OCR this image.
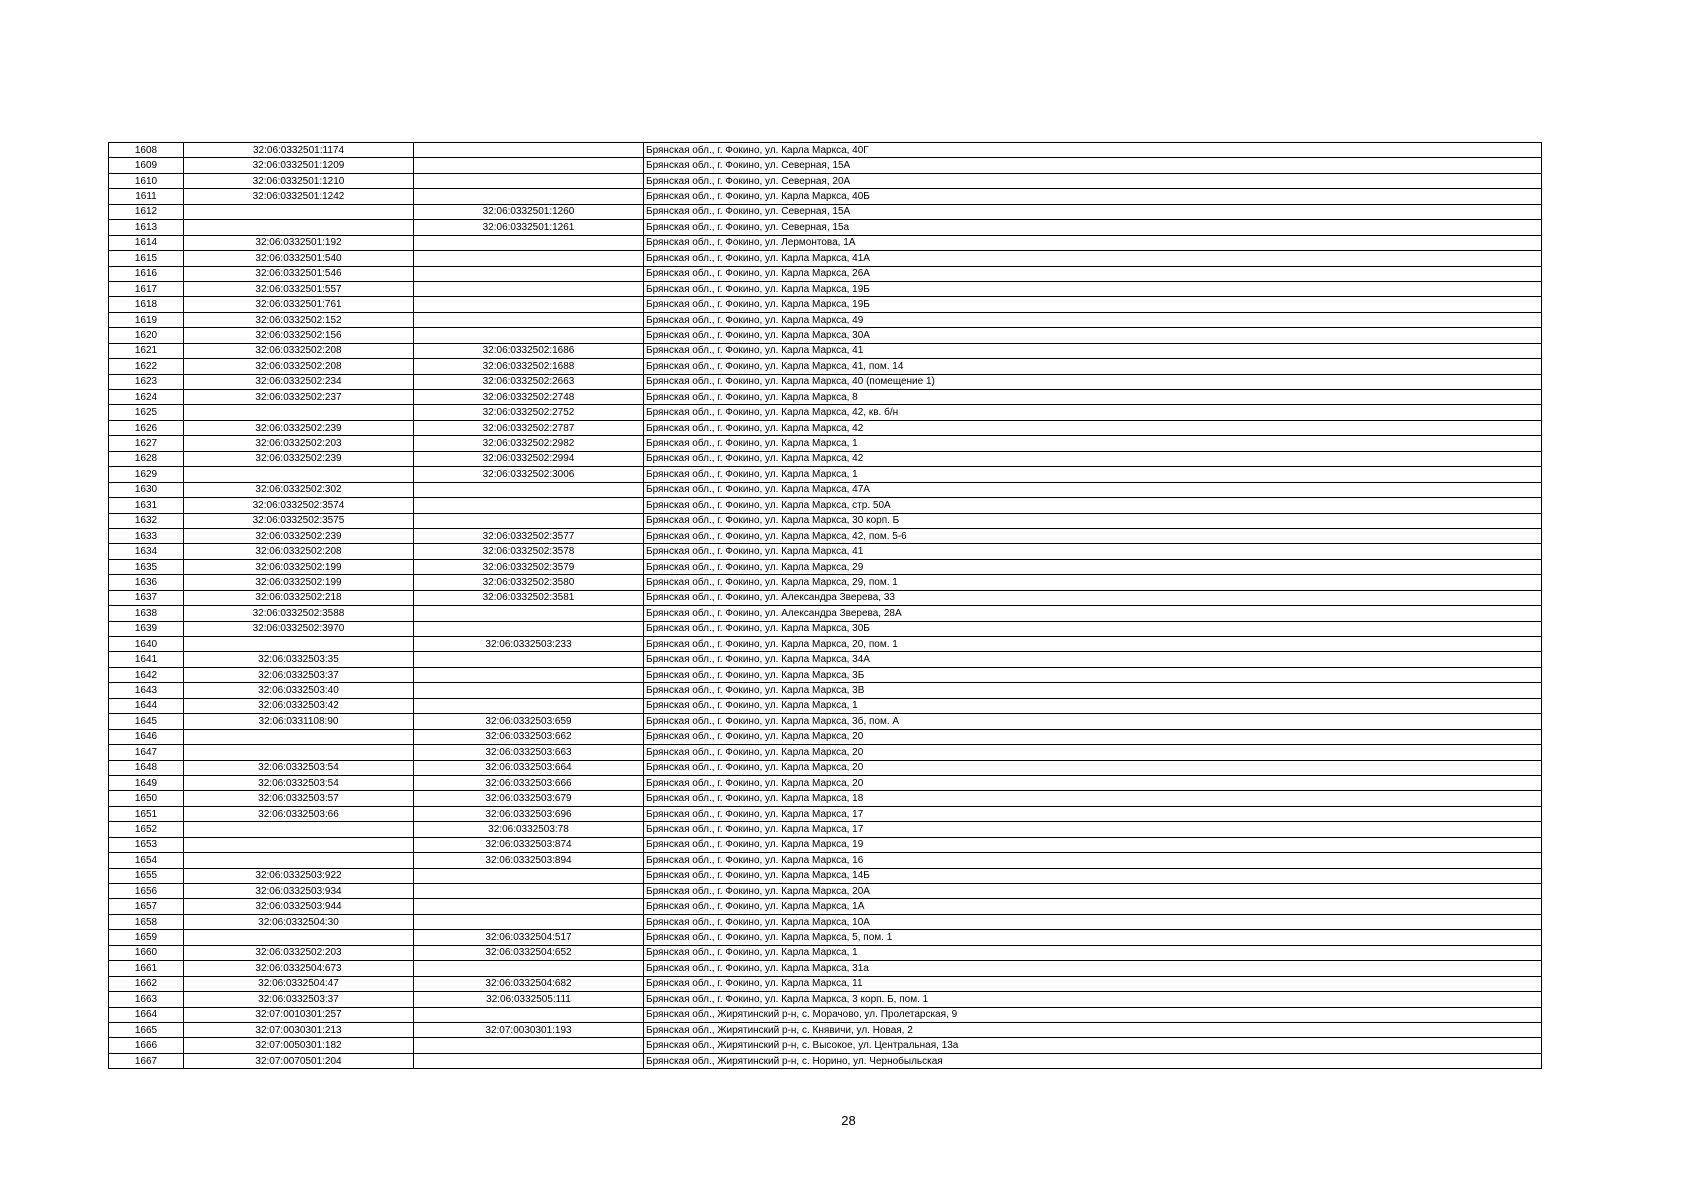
1608	32:06:0332501:1174		Брянская обл., г. Фокино, ул. Карла Маркса, 40Г
1609	32:06:0332501:1209		Брянская обл., г. Фокино, ул. Северная, 15А
1610	32:06:0332501:1210		Брянская обл., г. Фокино, ул. Северная, 20А
1611	32:06:0332501:1242		Брянская обл., г. Фокино, ул. Карла Маркса, 40Б
1612		32:06:0332501:1260	Брянская обл., г. Фокино, ул. Северная, 15А
1613		32:06:0332501:1261	Брянская обл., г. Фокино, ул. Северная, 15а
1614	32:06:0332501:192		Брянская обл., г. Фокино, ул. Лермонтова, 1А
1615	32:06:0332501:540		Брянская обл., г. Фокино, ул. Карла Маркса, 41А
1616	32:06:0332501:546		Брянская обл., г. Фокино, ул. Карла Маркса, 26А
1617	32:06:0332501:557		Брянская обл., г. Фокино, ул. Карла Маркса, 19Б
1618	32:06:0332501:761		Брянская обл., г. Фокино, ул. Карла Маркса, 19Б
1619	32:06:0332502:152		Брянская обл., г. Фокино, ул. Карла Маркса, 49
1620	32:06:0332502:156		Брянская обл., г. Фокино, ул. Карла Маркса, 30А
1621	32:06:0332502:208	32:06:0332502:1686	Брянская обл., г. Фокино, ул. Карла Маркса, 41
1622	32:06:0332502:208	32:06:0332502:1688	Брянская обл., г. Фокино, ул. Карла Маркса, 41, пом. 14
1623	32:06:0332502:234	32:06:0332502:2663	Брянская обл., г. Фокино, ул. Карла Маркса, 40 (помещение 1)
1624	32:06:0332502:237	32:06:0332502:2748	Брянская обл., г. Фокино, ул. Карла Маркса, 8
1625		32:06:0332502:2752	Брянская обл., г. Фокино, ул. Карла Маркса, 42, кв. б/н
1626	32:06:0332502:239	32:06:0332502:2787	Брянская обл., г. Фокино, ул. Карла Маркса, 42
1627	32:06:0332502:203	32:06:0332502:2982	Брянская обл., г. Фокино, ул. Карла Маркса, 1
1628	32:06:0332502:239	32:06:0332502:2994	Брянская обл., г. Фокино, ул. Карла Маркса, 42
1629		32:06:0332502:3006	Брянская обл., г. Фокино, ул. Карла Маркса, 1
1630	32:06:0332502:302		Брянская обл., г. Фокино, ул. Карла Маркса, 47А
1631	32:06:0332502:3574		Брянская обл., г. Фокино, ул. Карла Маркса, стр. 50А
1632	32:06:0332502:3575		Брянская обл., г. Фокино, ул. Карла Маркса, 30 корп. Б
1633	32:06:0332502:239	32:06:0332502:3577	Брянская обл., г. Фокино, ул. Карла Маркса, 42, пом. 5-6
1634	32:06:0332502:208	32:06:0332502:3578	Брянская обл., г. Фокино, ул. Карла Маркса, 41
1635	32:06:0332502:199	32:06:0332502:3579	Брянская обл., г. Фокино, ул. Карла Маркса, 29
1636	32:06:0332502:199	32:06:0332502:3580	Брянская обл., г. Фокино, ул. Карла Маркса, 29, пом. 1
1637	32:06:0332502:218	32:06:0332502:3581	Брянская обл., г. Фокино, ул. Александра Зверева, 33
1638	32:06:0332502:3588		Брянская обл., г. Фокино, ул. Александра Зверева, 28А
1639	32:06:0332502:3970		Брянская обл., г. Фокино, ул. Карла Маркса, 30Б
1640		32:06:0332503:233	Брянская обл., г. Фокино, ул. Карла Маркса, 20, пом. 1
1641	32:06:0332503:35		Брянская обл., г. Фокино, ул. Карла Маркса, 34А
1642	32:06:0332503:37		Брянская обл., г. Фокино, ул. Карла Маркса, 3Б
1643	32:06:0332503:40		Брянская обл., г. Фокино, ул. Карла Маркса, 3В
1644	32:06:0332503:42		Брянская обл., г. Фокино, ул. Карла Маркса, 1
1645	32:06:0331108:90	32:06:0332503:659	Брянская обл., г. Фокино, ул. Карла Маркса, 3б, пом. А
1646		32:06:0332503:662	Брянская обл., г. Фокино, ул. Карла Маркса, 20
1647		32:06:0332503:663	Брянская обл., г. Фокино, ул. Карла Маркса, 20
1648	32:06:0332503:54	32:06:0332503:664	Брянская обл., г. Фокино, ул. Карла Маркса, 20
1649	32:06:0332503:54	32:06:0332503:666	Брянская обл., г. Фокино, ул. Карла Маркса, 20
1650	32:06:0332503:57	32:06:0332503:679	Брянская обл., г. Фокино, ул. Карла Маркса, 18
1651	32:06:0332503:66	32:06:0332503:696	Брянская обл., г. Фокино, ул. Карла Маркса, 17
1652		32:06:0332503:78	Брянская обл., г. Фокино, ул. Карла Маркса, 17
1653		32:06:0332503:874	Брянская обл., г. Фокино, ул. Карла Маркса, 19
1654		32:06:0332503:894	Брянская обл., г. Фокино, ул. Карла Маркса, 16
1655	32:06:0332503:922		Брянская обл., г. Фокино, ул. Карла Маркса, 14Б
1656	32:06:0332503:934		Брянская обл., г. Фокино, ул. Карла Маркса, 20А
1657	32:06:0332503:944		Брянская обл., г. Фокино, ул. Карла Маркса, 1А
1658	32:06:0332504:30		Брянская обл., г. Фокино, ул. Карла Маркса, 10А
1659		32:06:0332504:517	Брянская обл., г. Фокино, ул. Карла Маркса, 5, пом. 1
1660	32:06:0332502:203	32:06:0332504:652	Брянская обл., г. Фокино, ул. Карла Маркса, 1
1661	32:06:0332504:673		Брянская обл., г. Фокино, ул. Карла Маркса, 31а
1662	32:06:0332504:47	32:06:0332504:682	Брянская обл., г. Фокино, ул. Карла Маркса, 11
1663	32:06:0332503:37	32:06:0332505:111	Брянская обл., г. Фокино, ул. Карла Маркса, 3 корп. Б, пом. 1
1664	32:07:0010301:257		Брянская обл., Жирятинский р-н, с. Морачово, ул. Пролетарская, 9
1665	32:07:0030301:213	32:07:0030301:193	Брянская обл., Жирятинский р-н, с. Княвичи, ул. Новая, 2
1666	32:07:0050301:182		Брянская обл., Жирятинский р-н, с. Высокое, ул. Центральная, 13а
1667	32:07:0070501:204		Брянская обл., Жирятинский р-н, с. Норино, ул. Чернобыльская
28
